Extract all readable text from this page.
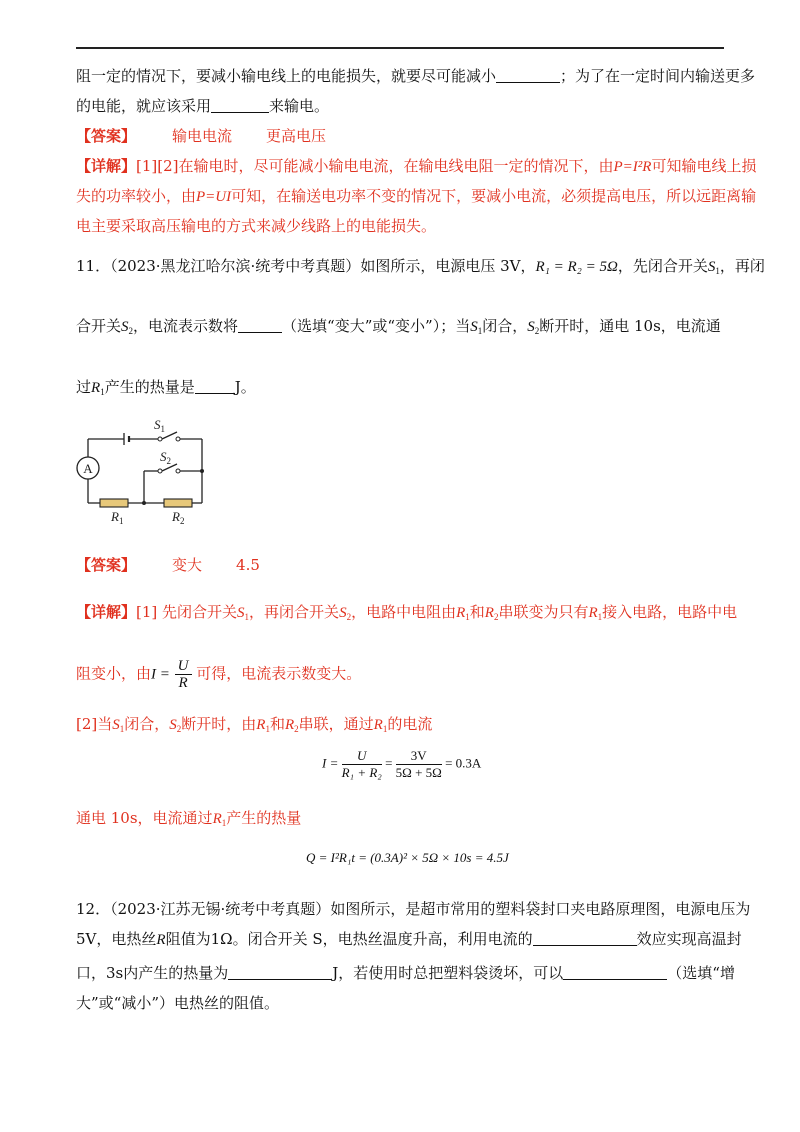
阻一定的情况下，要减小输电线上的电能损失，就要尽可能减小	；为了在一定时间内输送更多
的电能，就应该采用	来输电。
【答案】 输电电流 更高电压
【详解】[1][2]在输电时，尽可能减小输电电流，在输电线电阻一定的情况下，由P=I²R可知输电线上损
失的功率较小，由P=UI可知，在输送电功率不变的情况下，要减小电流，必须提高电压，所以远距离输
电主要采取高压输电的方式来减少线路上的电能损失。
11．（2023·黑龙江哈尔滨·统考中考真题）如图所示，电源电压 3V，R₁ = R₂ = 5Ω，先闭合开关$S_1$，再闭
合开关$S_2$，电流表示数将	（选填“变大”或“变小”）；当$S_1$闭合，$S_2$断开时，通电 10s，电流通
过$R_1$产生的热量是	J。
A
$R_1$	$R_2$
$S_1$
$S_2$
【答案】 变大 4.5
【详解】[1] 先闭合开关$S_1$，再闭合开关$S_2$，电路中电阻由$R_1$和$R_2$串联变为只有$R_1$接入电路，电路中电
阻变小，由$I = \frac{U}{R}$ 可得，电流表示数变大。
[2]当$S_1$闭合，$S_2$断开时，由$R_1$和$R_2$串联，通过$R_1$的电流
$I = \frac{U}{\text{R₁ + R₂}} = \frac{3V}{5\Omega + 5\Omega} = 0.3A$
通电 10s，电流通过$R_1$产生的热量
Q = I²R₁t = (0.3A)² × 5Ω × 10s = 4.5J
12．（2023·江苏无锡·统考中考真题）如图所示，是超市常用的塑料袋封口夹电路原理图，电源电压为
5V，电热丝R阻值为1Ω。闭合开关 S，电热丝温度升高，利用电流的	效应实现高温封
口，3s内产生的热量为	J，若使用时总把塑料袋烫坏，可以	（选填“增
大”或“减小”）电热丝的阻值。
